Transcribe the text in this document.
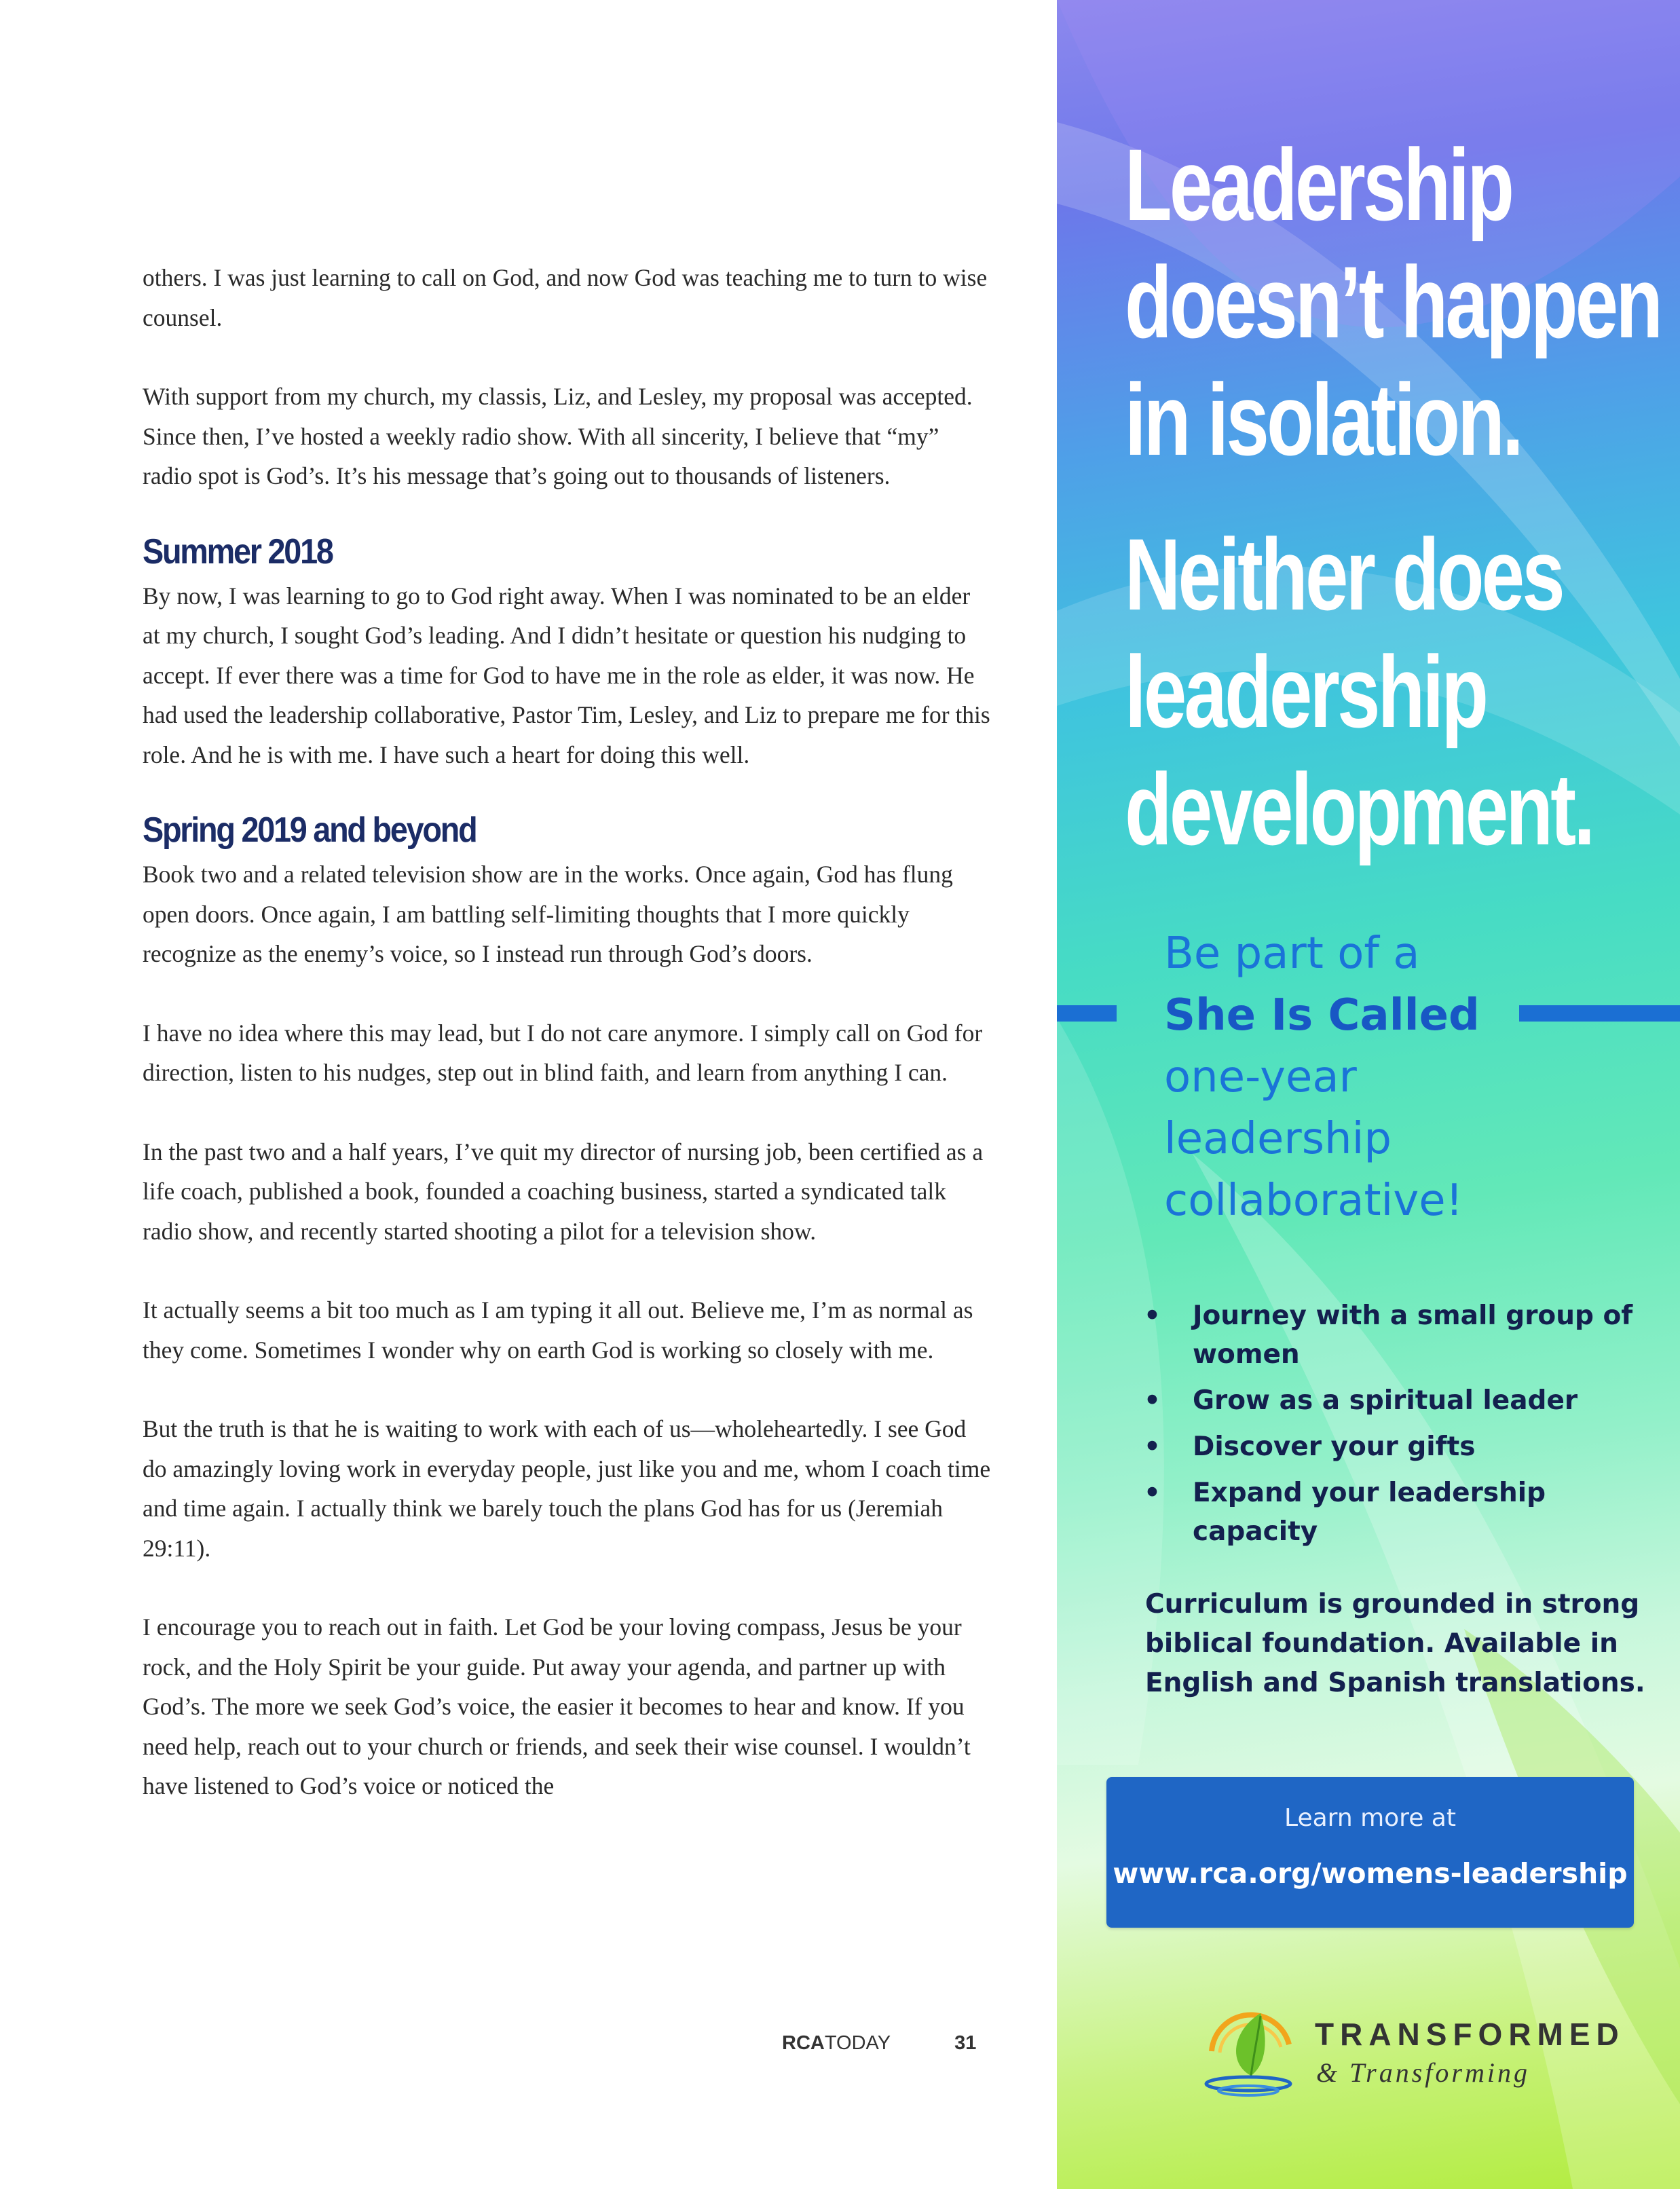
others. I was just learning to call on God, and now God was teaching me to turn to wise counsel.

With support from my church, my classis, Liz, and Lesley, my proposal was accepted. Since then, I’ve hosted a weekly radio show. With all sincerity, I believe that “my” radio spot is God’s. It’s his message that’s going out to thousands of listeners.

Summer 2018

By now, I was learning to go to God right away. When I was nominated to be an elder at my church, I sought God’s leading. And I didn’t hesitate or question his nudging to accept. If ever there was a time for God to have me in the role as elder, it was now. He had used the leadership collaborative, Pastor Tim, Lesley, and Liz to prepare me for this role. And he is with me. I have such a heart for doing this well.

Spring 2019 and beyond

Book two and a related television show are in the works. Once again, God has flung open doors. Once again, I am battling self-limiting thoughts that I more quickly recognize as the enemy’s voice, so I instead run through God’s doors.

I have no idea where this may lead, but I do not care anymore. I simply call on God for direction, listen to his nudges, step out in blind faith, and learn from anything I can.

In the past two and a half years, I’ve quit my director of nursing job, been certified as a life coach, published a book, founded a coaching business, started a syndicated talk radio show, and recently started shooting a pilot for a television show.

It actually seems a bit too much as I am typing it all out. Believe me, I’m as normal as they come. Sometimes I wonder why on earth God is working so closely with me.

But the truth is that he is waiting to work with each of us—wholeheartedly. I see God do amazingly loving work in everyday people, just like you and me, whom I coach time and time again. I actually think we barely touch the plans God has for us (Jeremiah 29:11).

I encourage you to reach out in faith. Let God be your loving compass, Jesus be your rock, and the Holy Spirit be your guide. Put away your agenda, and partner up with God’s. The more we seek God’s voice, the easier it becomes to hear and know. If you need help, reach out to your church or friends, and seek their wise counsel. I wouldn’t have listened to God’s voice or noticed the

RCA TODAY	31
Leadership
doesn’t happen
in isolation.
Neither does
leadership
development.
Be part of a
She Is Called
one-year
leadership
collaborative!
• Journey with a small group of women
• Grow as a spiritual leader
• Discover your gifts
• Expand your leadership capacity

Curriculum is grounded in strong biblical foundation. Available in English and Spanish translations.

Learn more at
www.rca.org/womens-leadership
TRANSFORMED
& Transforming
